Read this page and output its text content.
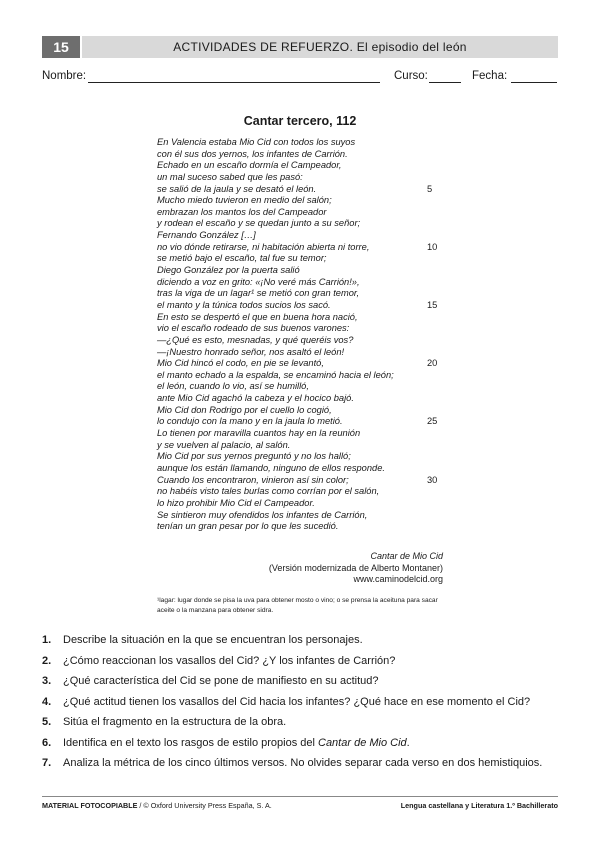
15	ACTIVIDADES DE REFUERZO. El episodio del león
Nombre:	Curso:	Fecha:
Cantar tercero, 112
En Valencia estaba Mio Cid con todos los suyos
con él sus dos yernos, los infantes de Carrión.
Echado en un escaño dormía el Campeador,
un mal suceso sabed que les pasó:
se salió de la jaula y se desató el león.	5
Mucho miedo tuvieron en medio del salón;
embrazan los mantos los del Campeador
y rodean el escaño y se quedan junto a su señor;
Fernando González […]
no vio dónde retirarse, ni habitación abierta ni torre,	10
se metió bajo el escaño, tal fue su temor;
Diego González por la puerta salió
diciendo a voz en grito: «¡No veré más Carrión!»,
tras la viga de un lagar¹ se metió con gran temor,
el manto y la túnica todos sucios los sacó.	15
En esto se despertó el que en buena hora nació,
vio el escaño rodeado de sus buenos varones:
—¿Qué es esto, mesnadas, y qué queréis vos?
—¡Nuestro honrado señor, nos asaltó el león!
Mio Cid hincó el codo, en pie se levantó,	20
el manto echado a la espalda, se encaminó hacia el león;
el león, cuando lo vio, así se humilló,
ante Mio Cid agachó la cabeza y el hocico bajó.
Mio Cid don Rodrigo por el cuello lo cogió,
lo condujo con la mano y en la jaula lo metió.	25
Lo tienen por maravilla cuantos hay en la reunión
y se vuelven al palacio, al salón.
Mio Cid por sus yernos preguntó y no los halló;
aunque los están llamando, ninguno de ellos responde.
Cuando los encontraron, vinieron así sin color;	30
no habéis visto tales burlas como corrían por el salón,
lo hizo prohibir Mio Cid el Campeador.
Se sintieron muy ofendidos los infantes de Carrión,
tenían un gran pesar por lo que les sucedió.
Cantar de Mio Cid
(Versión modernizada de Alberto Montaner)
www.caminodelcid.org
¹lagar: lugar donde se pisa la uva para obtener mosto o vino; o se prensa la aceituna para sacar aceite o la manzana para obtener sidra.
1. Describe la situación en la que se encuentran los personajes.
2. ¿Cómo reaccionan los vasallos del Cid? ¿Y los infantes de Carrión?
3. ¿Qué característica del Cid se pone de manifiesto en su actitud?
4. ¿Qué actitud tienen los vasallos del Cid hacia los infantes? ¿Qué hace en ese momento el Cid?
5. Sitúa el fragmento en la estructura de la obra.
6. Identifica en el texto los rasgos de estilo propios del Cantar de Mio Cid.
7. Analiza la métrica de los cinco últimos versos. No olvides separar cada verso en dos hemistiquios.
MATERIAL FOTOCOPIABLE / © Oxford University Press España, S. A.	Lengua castellana y Literatura 1.º Bachillerato
